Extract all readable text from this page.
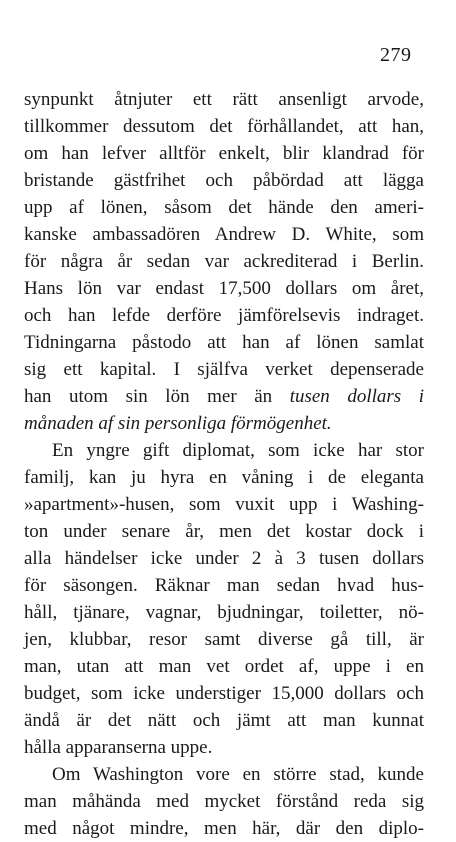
279
synpunkt åtnjuter ett rätt ansenligt arvode,
tillkommer dessutom det förhållandet, att han,
om han lefver alltför enkelt, blir klandrad för
bristande gästfrihet och påbördad att lägga
upp af lönen, såsom det hände den ameri-
kanske ambassadören Andrew D. White, som
för några år sedan var ackrediterad i Berlin.
Hans lön var endast 17,500 dollars om året,
och han lefde derföre jämförelsevis indraget.
Tidningarna påstodo att han af lönen samlat
sig ett kapital. I själfva verket depenserade
han utom sin lön mer än tusen dollars i
månaden af sin personliga förmögenhet.
En yngre gift diplomat, som icke har stor
familj, kan ju hyra en våning i de eleganta
»apartment»-husen, som vuxit upp i Washing-
ton under senare år, men det kostar dock i
alla händelser icke under 2 à 3 tusen dollars
för säsongen. Räknar man sedan hvad hus-
håll, tjänare, vagnar, bjudningar, toiletter, nö-
jen, klubbar, resor samt diverse gå till, är
man, utan att man vet ordet af, uppe i en
budget, som icke understiger 15,000 dollars och
ändå är det nätt och jämt att man kunnat
hålla apparanserna uppe.
Om Washington vore en större stad, kunde
man måhända med mycket förstånd reda sig
med något mindre, men här, där den diplo-
